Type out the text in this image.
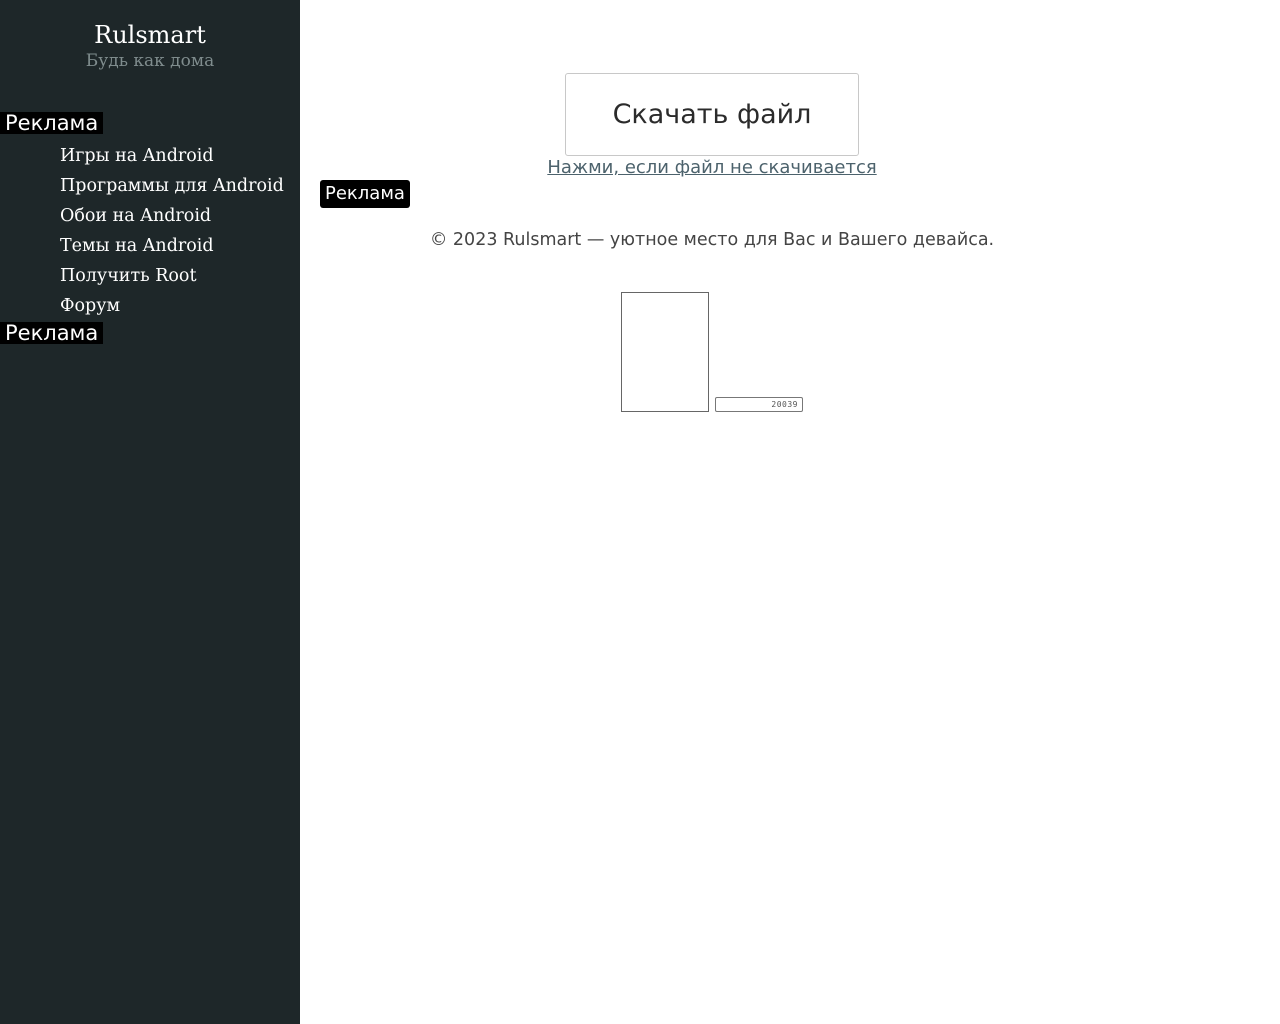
Rulsmart
Будь как дома
Реклама
Игры на Android
Программы для Android
Обои на Android
Темы на Android
Получить Root
Форум
Реклама
Скачать файл
Нажми, если файл не скачивается
Реклама
© 2023 Rulsmart — уютное место для Вас и Вашего девайса.
20039
